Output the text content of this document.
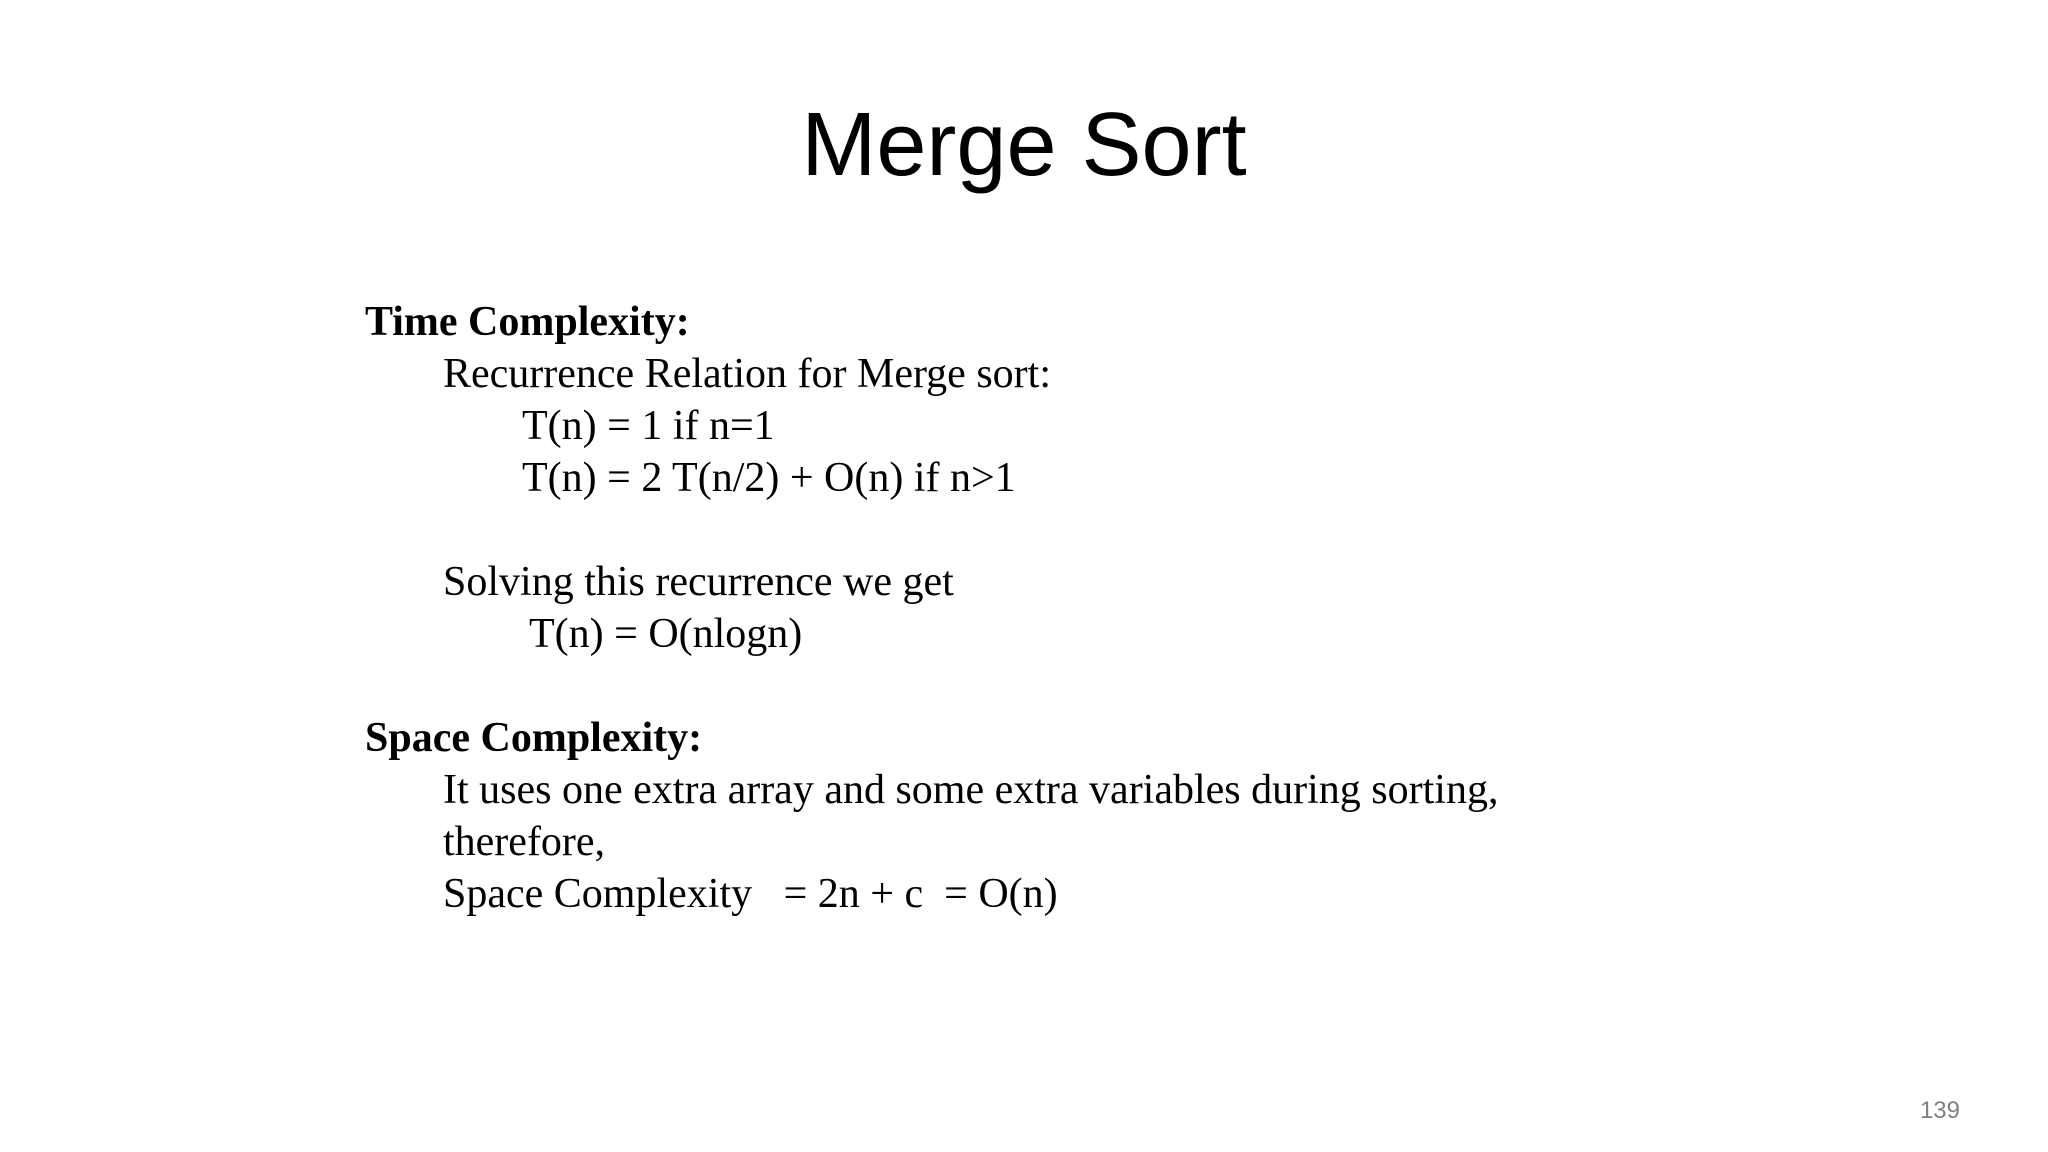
Merge Sort
Time Complexity:
Recurrence Relation for Merge sort:
T(n) = 1 if n=1
T(n) = 2 T(n/2) + O(n) if n>1
Solving this recurrence we get
T(n) = O(nlogn)
Space Complexity:
It uses one extra array and some extra variables during sorting,
therefore,
Space Complexity   = 2n + c  = O(n)
139
